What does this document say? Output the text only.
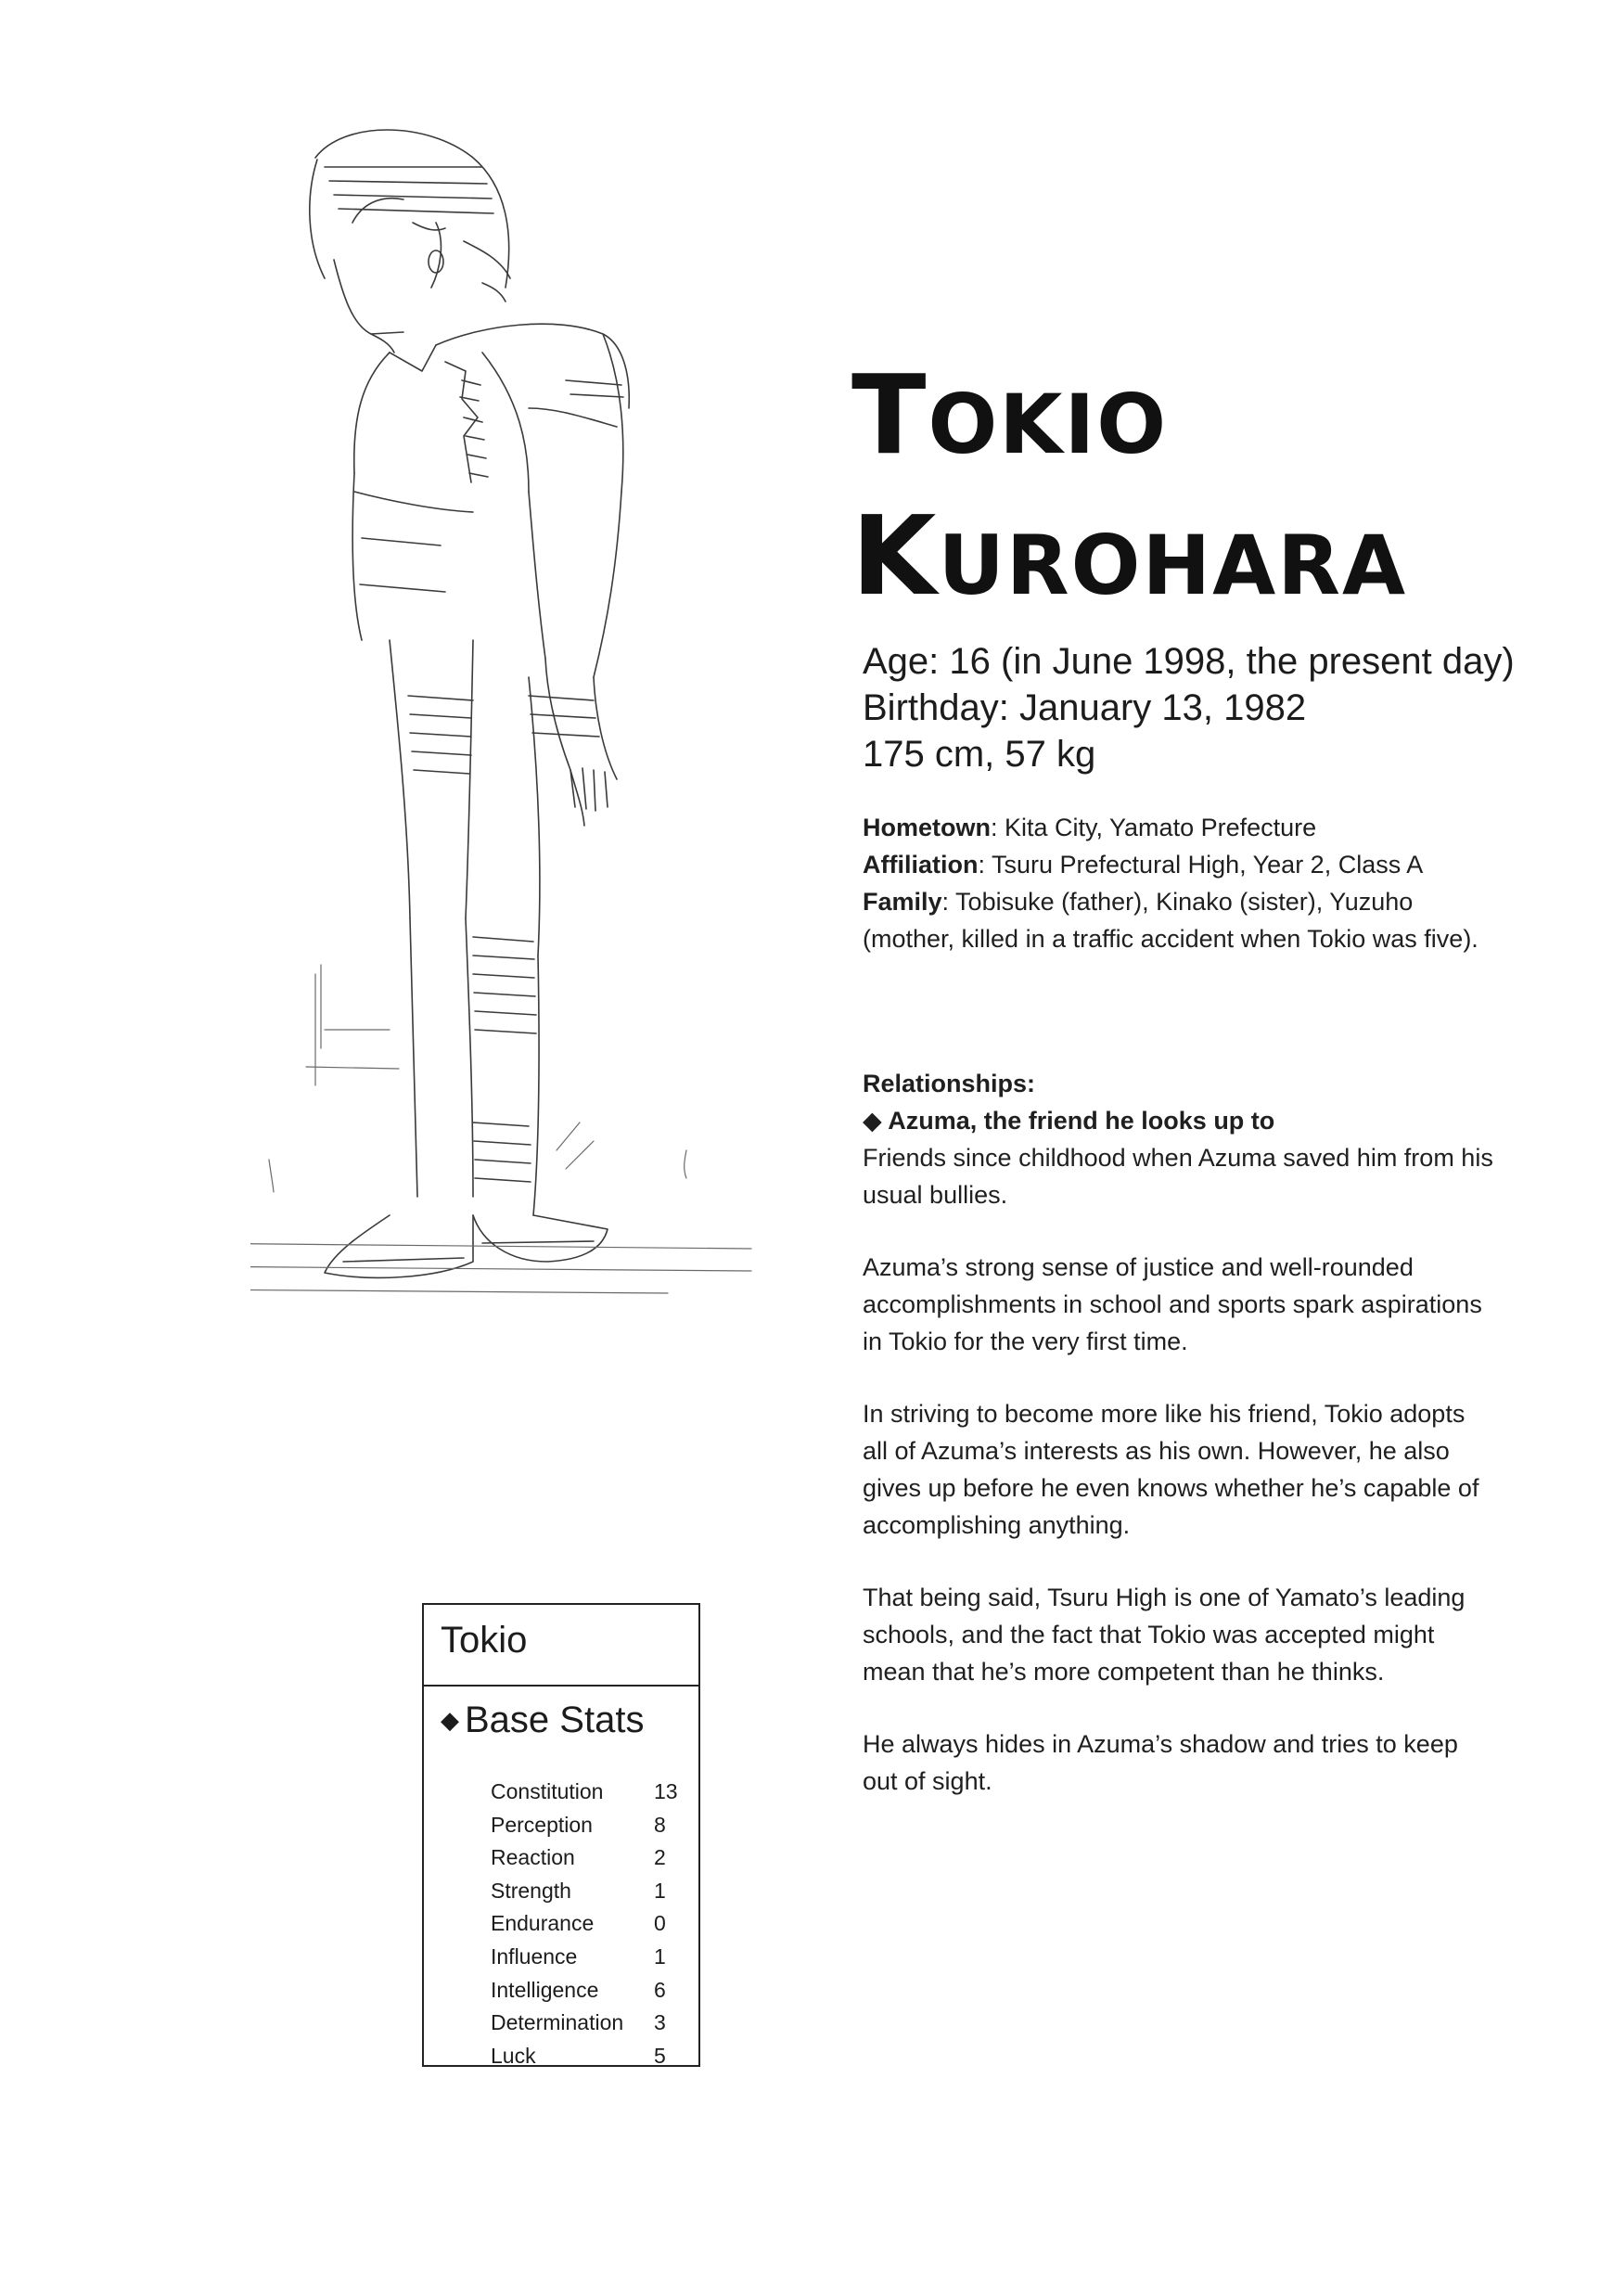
TOKIO
KUROHARA
Age: 16 (in June 1998, the present day)
Birthday: January 13, 1982
175 cm, 57 kg
Hometown: Kita City, Yamato Prefecture
Affiliation: Tsuru Prefectural High, Year 2, Class A
Family: Tobisuke (father), Kinako (sister), Yuzuho (mother, killed in a traffic accident when Tokio was five).

Relationships:

◆ Azuma, the friend he looks up to

Friends since childhood when Azuma saved him from his usual bullies.

Azuma’s strong sense of justice and well-rounded accomplishments in school and sports spark aspirations in Tokio for the very first time.

In striving to become more like his friend, Tokio adopts all of Azuma’s interests as his own. However, he also gives up before he even knows whether he’s capable of accomplishing anything.

That being said, Tsuru High is one of Yamato’s leading schools, and the fact that Tokio was accepted might mean that he’s more competent than he thinks.

He always hides in Azuma’s shadow and tries to keep out of sight.

Tokio
◆ Base Stats
Constitution 13
Perception	8
Reaction	2
Strength	1
Endurance	0
Influence	1
Intelligence	6
Determination 3
Luck	5
